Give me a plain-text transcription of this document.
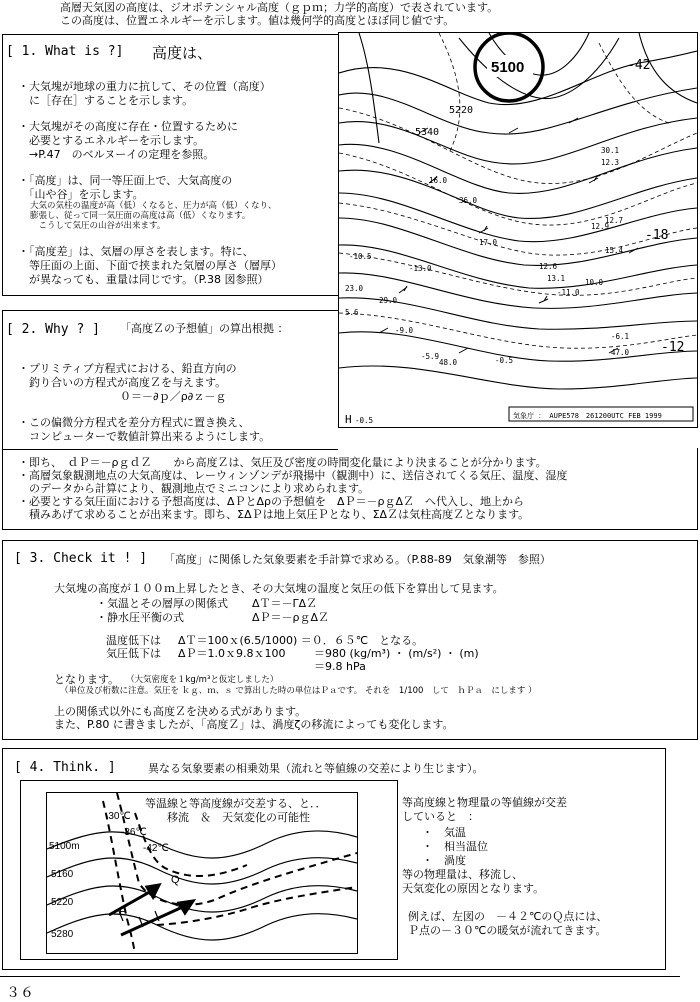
高層天気図の高度は、ジオポテンシャル高度（ｇｐｍ；力学的高度）で表されています。
この高度は、位置エネルギーを示します。値は幾何学的高度とほぼ同じ値です。
[ 1. What is ?] 高度は、
・大気塊が地球の重力に抗して、その位置（高度）
　に［存在］することを示します。
・大気塊がその高度に存在・位置するために
　必要とするエネルギーを示します。
　→P.47　のベルヌーイの定理を参照。
・「高度」は、同一等圧面上で、大気高度の
　「山や谷」を示します。
大気の気柱の温度が高（低）くなると、圧力が高（低）くなり、
膨張し、従って同一気圧面の高度は高（低）くなります。
　こうして気圧の山谷が出来ます。
・「高度差」は、気層の厚さを表します。特に、
　等圧面の上面、下面で挟まれた気層の厚さ（層厚）
　が異なっても、重量は同じです。（P.38 図参照）
5100
気象庁 ： AUPE578　261200UTC FEB 1999
-42
-18
-12
5340
5220
H -0.5
30.1
12.3
12.7
15.4
5.6
-9.0
48.0
-6.1
47.0
-5.9
23.0
29.0
-10.5
-13.0	12.6
17.0
13.1
-11.0
10.0
12.9
16.0
36.0
-0.5
[ 2. Why ? ] 「高度Ｚの予想値」の算出根拠 ：
・プリミティブ方程式における、鉛直方向の
　釣り合いの方程式が高度Ｚを与えます。
０＝－∂ｐ／ρ∂ｚ－ｇ
・この偏微分方程式を差分方程式に置き換え、
　コンピューターで数値計算出来るようにします。
・即ち、　ｄＰ＝－ρｇｄＺ　　から高度Ｚは、気圧及び密度の時間変化量により決まることが分かります。
・高層気象観測地点の大気高度は、レーウィンゾンデが飛揚中（観測中）に、送信されてくる気圧、温度、湿度
　のデータから計算により、観測地点でミニコンにより求められます。
・必要とする気圧面における予想高度は、ΔＰとΔρの予想値を　ΔＰ＝－ρｇΔＺ　へ代入し、地上から
　積みあげて求めることが出来ます。即ち、ΣΔＰは地上気圧Ｐとなり、ΣΔＺは気柱高度Ｚとなります。
[ 3. Check it ! ] 「高度」に関係した気象要素を手計算で求める。（P.88-89　気象潮等　参照）
大気塊の高度が１００ｍ上昇したとき、その大気塊の温度と気圧の低下を算出して見ます。
・気温とその層厚の関係式 ΔＴ＝－ΓΔＺ
・静水圧平衡の式	ΔＰ＝－ρｇΔＺ
温度低下は ΔＴ＝100ｘ(6.5/1000) ＝０．６５℃　となる。
気圧低下は ΔＰ＝1.0ｘ9.8ｘ100	＝980 (kg/m³) ・ (m/s²) ・ (m)
＝9.8 hPa
となります。 （大気密度を１kg/m³と仮定しました）
（単位及び桁数に注意。気圧を ｋｇ、ｍ、ｓ で算出した時の単位はＰａです。 それを　1/100　して　ｈＰａ　にします ）
上の関係式以外にも高度Ｚを決める式があります。
また、P.80 に書きましたが、「高度Ｚ」は、渦度ζの移流によっても変化します。
[ 4. Think. ]	異なる気象要素の相乗効果（流れと等値線の交差により生じます）。
-30℃
-36℃
-42℃
5100m
5160
5220
5280
Q
P
等温線と等高度線が交差する、と．．
移流　＆　天気変化の可能性
等高度線と物理量の等値線が交差
していると　：
・　気温
・　相当温位
・　渦度
等の物理量は、移流し、
天気変化の原因となります。
例えば、左図の　－４２℃のＱ点には、
Ｐ点の－３０℃の暖気が流れてきます。
３６
